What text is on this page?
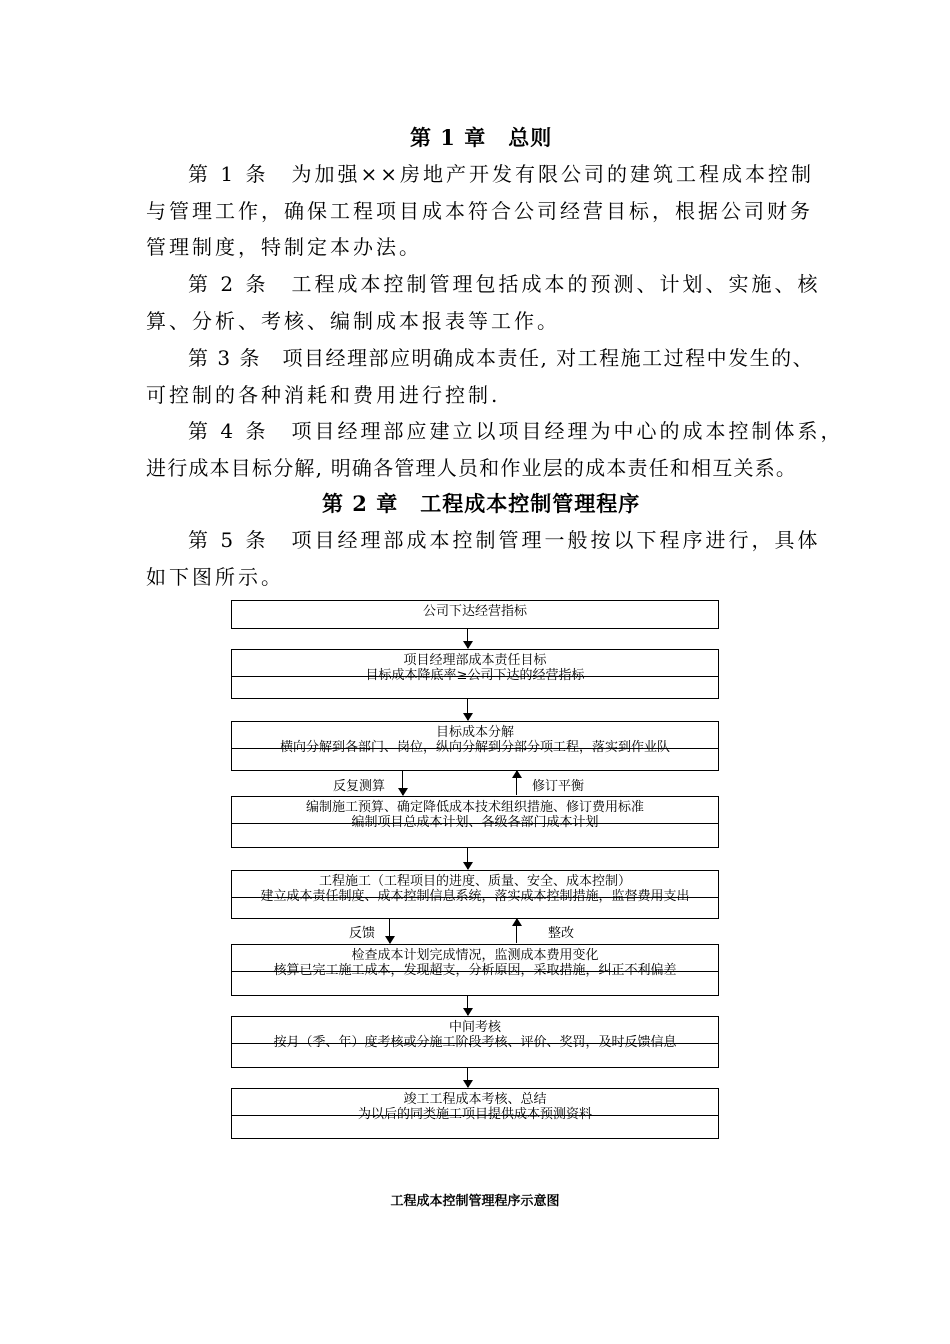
第 1 章　总则
第 1 条　为加强××房地产开发有限公司的建筑工程成本控制
与管理工作，确保工程项目成本符合公司经营目标，根据公司财务
管理制度，特制定本办法。
第 2 条　工程成本控制管理包括成本的预测、计划、实施、核
算、分析、考核、编制成本报表等工作。
第 3 条　项目经理部应明确成本责任, 对工程施工过程中发生的、
可控制的各种消耗和费用进行控制.
第 4 条　项目经理部应建立以项目经理为中心的成本控制体系，
进行成本目标分解, 明确各管理人员和作业层的成本责任和相互关系。
第 2 章　工程成本控制管理程序
第 5 条　项目经理部成本控制管理一般按以下程序进行，具体
如下图所示。
公司下达经营指标
项目经理部成本责任目标
目标成本降底率≥公司下达的经营指标
目标成本分解
横向分解到各部门、岗位，纵向分解到分部分项工程，落实到作业队
反复测算	修订平衡
编制施工预算、确定降低成本技术组织措施、修订费用标准
编制项目总成本计划、各级各部门成本计划
工程施工（工程项目的进度、质量、安全、成本控制）
建立成本责任制度、成本控制信息系统，落实成本控制措施，监督费用支出
反馈	整改
检查成本计划完成情况，监测成本费用变化
核算已完工施工成本，发现超支，分析原因，采取措施，纠正不利偏差
中间考核
按月（季、年）度考核或分施工阶段考核、评价、奖罚，及时反馈信息
竣工工程成本考核、总结
为以后的同类施工项目提供成本预测资料
工程成本控制管理程序示意图
